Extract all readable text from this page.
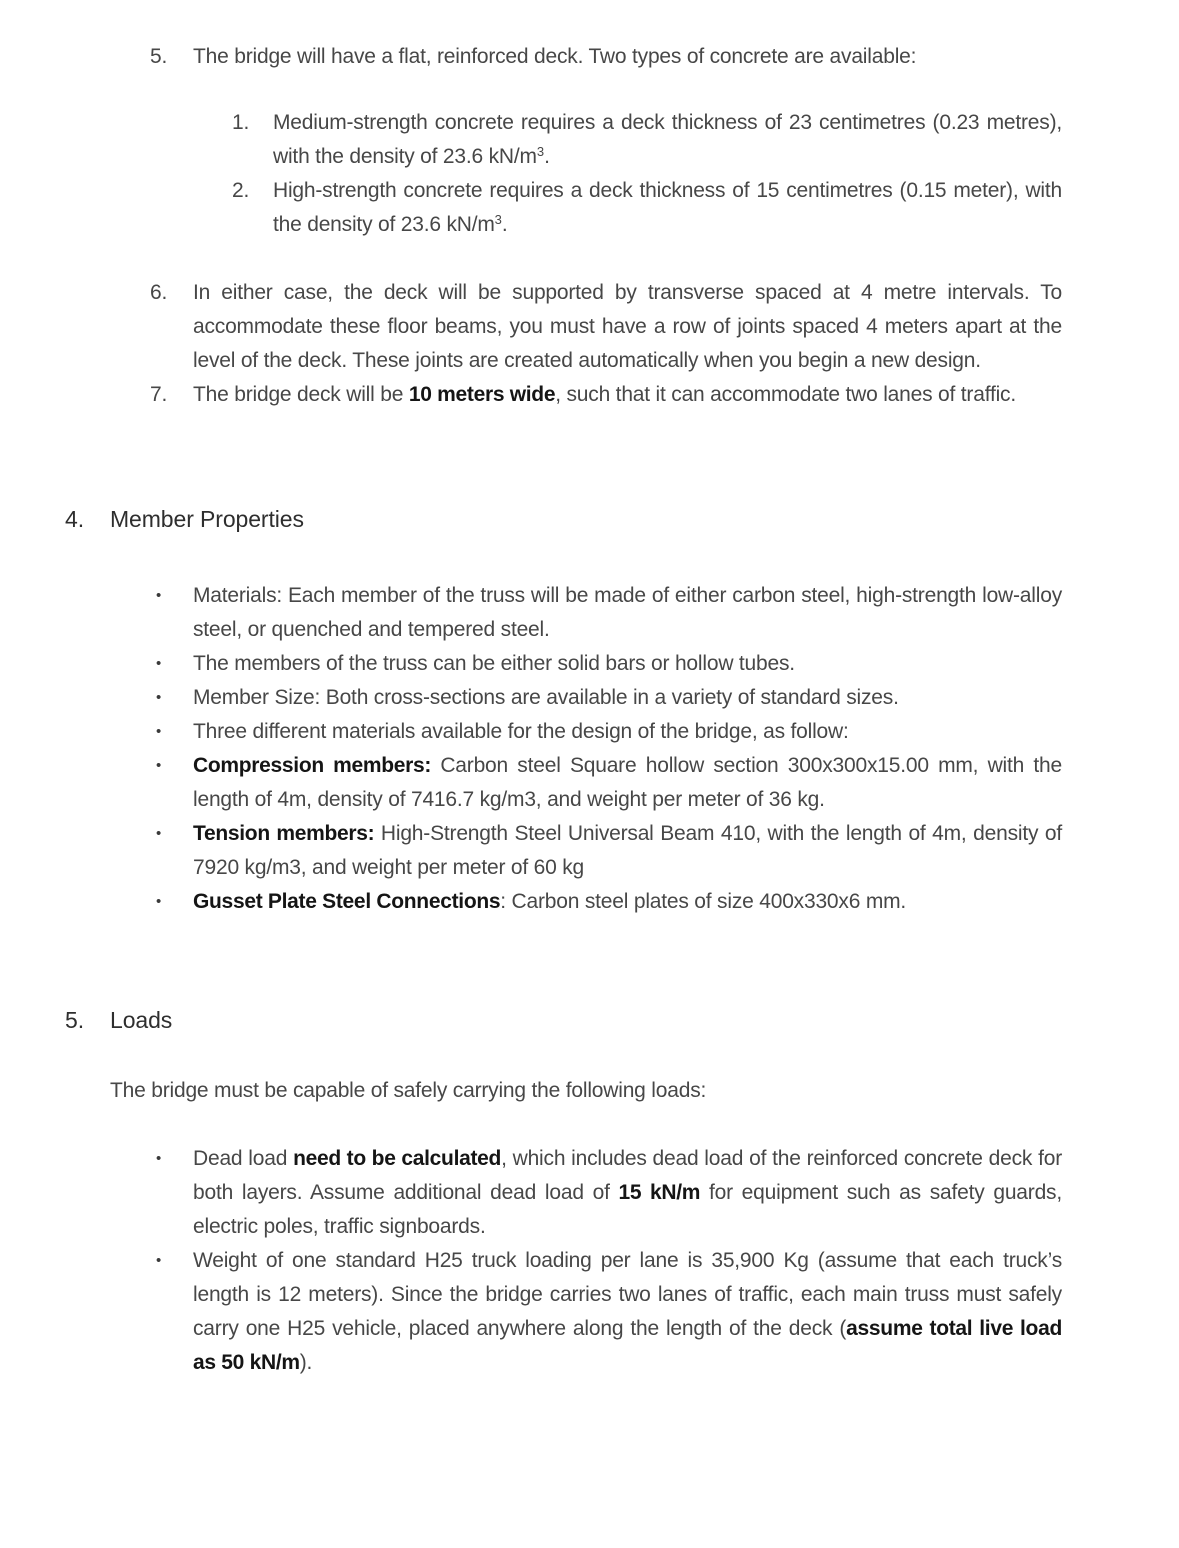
5. The bridge will have a flat, reinforced deck. Two types of concrete are available:
1. Medium-strength concrete requires a deck thickness of 23 centimetres (0.23 metres), with the density of 23.6 $kN/m^3$.
2. High-strength concrete requires a deck thickness of 15 centimetres (0.15 meter), with the density of 23.6 $kN/m^3$.
6. In either case, the deck will be supported by transverse spaced at 4 metre intervals. To accommodate these floor beams, you must have a row of joints spaced 4 meters apart at the level of the deck. These joints are created automatically when you begin a new design.
7. The bridge deck will be 10 meters wide, such that it can accommodate two lanes of traffic.
4. Member Properties
• Materials: Each member of the truss will be made of either carbon steel, high-strength low-alloy steel, or quenched and tempered steel.
• The members of the truss can be either solid bars or hollow tubes.
• Member Size: Both cross-sections are available in a variety of standard sizes.
• Three different materials available for the design of the bridge, as follow:
• Compression members: Carbon steel Square hollow section 300x300x15.00 mm, with the length of 4m, density of 7416.7 kg/m3, and weight per meter of 36 kg.
• Tension members: High-Strength Steel Universal Beam 410, with the length of 4m, density of 7920 kg/m3, and weight per meter of 60 kg
• Gusset Plate Steel Connections: Carbon steel plates of size 400x330x6 mm.
5. Loads
The bridge must be capable of safely carrying the following loads:
• Dead load need to be calculated, which includes dead load of the reinforced concrete deck for both layers. Assume additional dead load of 15 kN/m for equipment such as safety guards, electric poles, traffic signboards.
• Weight of one standard H25 truck loading per lane is 35,900 Kg (assume that each truck’s length is 12 meters). Since the bridge carries two lanes of traffic, each main truss must safely carry one H25 vehicle, placed anywhere along the length of the deck (assume total live load as 50 kN/m).
